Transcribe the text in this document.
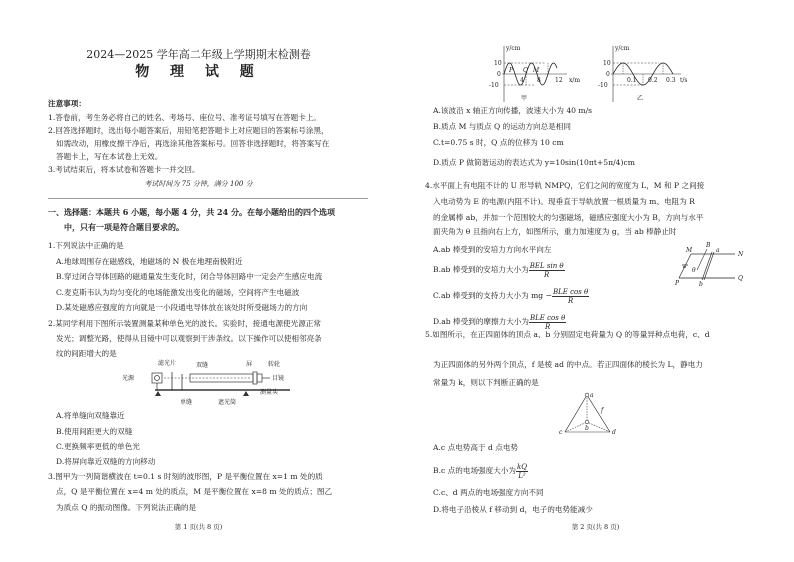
2024—2025 学年高二年级上学期期末检测卷
物 理 试 题
注意事项：
1.答卷前，考生务必将自己的姓名、考场号、座位号、准考证号填写在答题卡上。
2.回答选择题时，选出每小题答案后，用铅笔把答题卡上对应题目的答案标号涂黑，
如需改动，用橡皮擦干净后，再选涂其他答案标号。回答非选择题时，将答案写在
答题卡上，写在本试卷上无效。
3.考试结束后，将本试卷和答题卡一并交回。
考试时间为 75 分钟，满分 100 分
一、选择题：本题共 6 小题，每小题 4 分，共 24 分。在每小题给出的四个选项
中，只有一项是符合题目要求的。
1.下列说法中正确的是
A.地球周围存在磁感线，地磁场的 N 极在地理南极附近
B.穿过闭合导体回路的磁通量发生变化时，闭合导体回路中一定会产生感应电流
C.麦克斯韦认为均匀变化的电场能激发出变化的磁场，空间将产生电磁波
D.某处磁感应强度的方向就是一小段通电导体放在该处时所受磁场力的方向
2.某同学利用下图所示装置测量某种单色光的波长。实验时，接通电源使光源正常
发光；调整光路，使得从目镜中可以观察到干涉条纹。以下操作可以使相邻亮条
纹的间距增大的是
光源
滤光片
单缝
双缝
遮光筒
屏	转轮
目镜
测量头
A.将单缝向双缝靠近
B.使用间距更大的双缝
C.更换频率更低的单色光
D.将屏向靠近双缝的方向移动
3.图甲为一列简谐横波在 t=0.1 s 时刻的波形图，P 是平衡位置在 x=1 m 处的质
点，Q 是平衡位置在 x=4 m 处的质点，M 是平衡位置在 x=8 m 处的质点；图乙
为质点 Q 的振动图像。下列说法正确的是
第 1 页(共 8 页)
y/cm
x/m
10
0
-10
4 8 12
P Q M
甲
y/cm
t/s
10
0
-10
0.1 0.2 0.3
乙
A.该波沿 x 轴正方向传播，波速大小为 40 m/s
B.质点 M 与质点 Q 的运动方向总是相同
C.t=0.75 s 时，Q 点的位移为 10 cm
D.质点 P 做简谐运动的表达式为 y=10sin(10πt+5π/4)cm
4.水平面上有电阻不计的 U 形导轨 NMPQ，它们之间的宽度为 L，M 和 P 之间接
入电动势为 E 的电源(内阻不计)。现垂直于导轨放置一根质量为 m、电阻为 R
的金属棒 ab，并加一个范围较大的匀强磁场，磁感应强度大小为 B，方向与水平
面夹角为 θ 且指向右上方，如图所示，重力加速度为 g，当 ab 棒静止时
A.ab 棒受到的安培力方向水平向左
B.ab 棒受到的安培力大小为 $\frac{\text{BEL sin θ}}{R}$
C.ab 棒受到的支持力大小为 mg − $\frac{\text{BLE cos θ}}{R}$
D.ab 棒受到的摩擦力大小为 $\frac{\text{BLE cos θ}}{R}$
M
N
P
Q
a
b
B
θ
5.如图所示，在正四面体的顶点 a、b 分别固定电荷量为 Q 的等量异种点电荷，c、d
为正四面体的另外两个顶点，f 是棱 ad 的中点。若正四面体的棱长为 L，静电力
常量为 k，则以下判断正确的是
a
b
c	d
f
A.c 点电势高于 d 点电势
B.c 点的电场强度大小为 $\frac{kQ}{\text{L²}}$
C.c、d 两点的电场强度方向不同
D.将电子沿棱从 f 移动到 d，电子的电势能减少
第 2 页(共 8 页)
